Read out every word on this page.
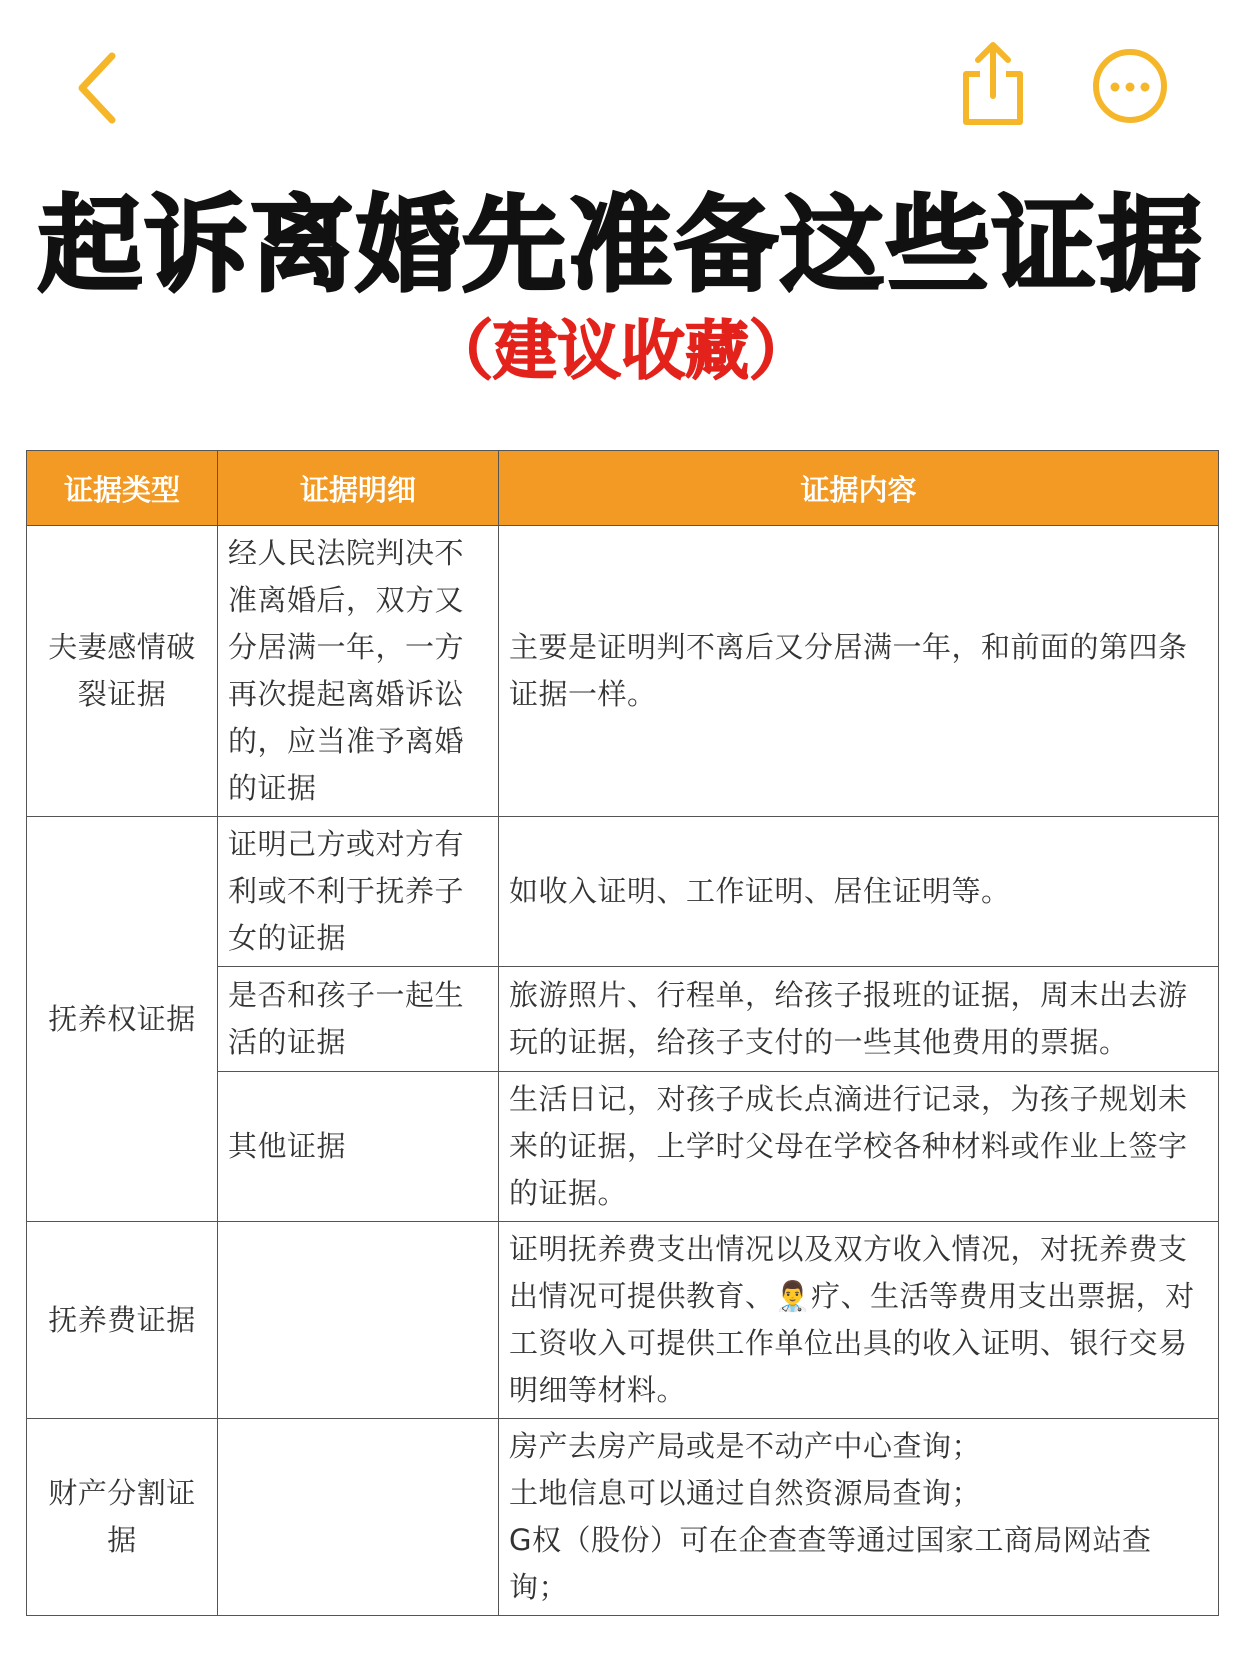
起诉离婚先准备这些证据
（建议收藏）
证据类型	证据明细	证据内容
夫妻感情破裂证据	经人民法院判决不准离婚后，双方又分居满一年，一方再次提起离婚诉讼的，应当准予离婚的证据	主要是证明判不离后又分居满一年，和前面的第四条证据一样。
抚养权证据	证明己方或对方有利或不利于抚养子女的证据	如收入证明、工作证明、居住证明等。
	是否和孩子一起生活的证据	旅游照片、行程单，给孩子报班的证据，周末出去游玩的证据，给孩子支付的一些其他费用的票据。
	其他证据	生活日记，对孩子成长点滴进行记录，为孩子规划未来的证据，上学时父母在学校各种材料或作业上签字的证据。
抚养费证据		证明抚养费支出情况以及双方收入情况，对抚养费支出情况可提供教育、👨‍⚕️疗、生活等费用支出票据，对工资收入可提供工作单位出具的收入证明、银行交易明细等材料。
财产分割证据		房产去房产局或是不动产中心查询；
土地信息可以通过自然资源局查询；
G权（股份）可在企查查等通过国家工商局网站查询；
